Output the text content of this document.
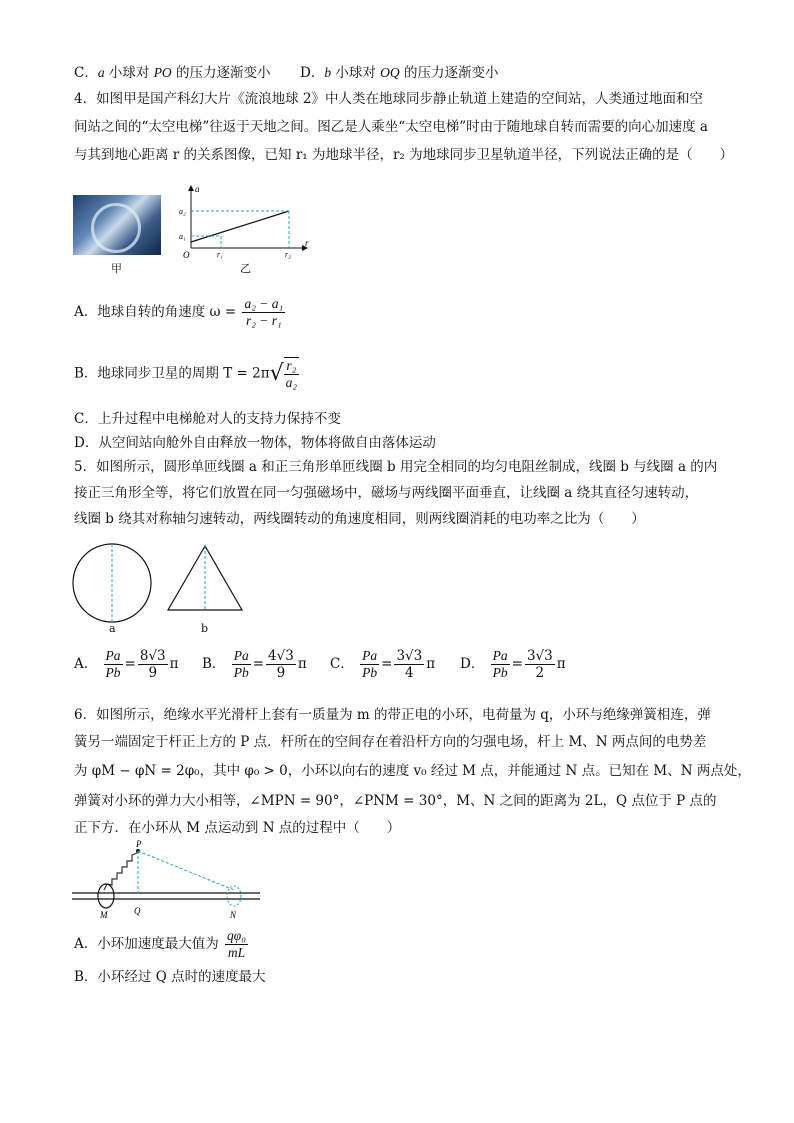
C．a 小球对 PO 的压力逐渐变小 D．b 小球对 OQ 的压力逐渐变小
4．如图甲是国产科幻大片《流浪地球 2》中人类在地球同步静止轨道上建造的空间站，人类通过地面和空
间站之间的“太空电梯”往返于天地之间。图乙是人乘坐“太空电梯”时由于随地球自转而需要的向心加速度 a
与其到地心距离 r 的关系图像，已知 r₁ 为地球半径，r₂ 为地球同步卫星轨道半径，下列说法正确的是（　　）
甲
a
r
O
a₂
a₁
r₁	r₂
乙
A．地球自转的角速度 $\omega = \frac{\text{a₂ − a₁}}{\text{r₂ − r₁}}$
B．地球同步卫星的周期 $T = 2\pi√ \frac{\text{r₂}}{\text{a₂}}$
C．上升过程中电梯舱对人的支持力保持不变
D．从空间站向舱外自由释放一物体，物体将做自由落体运动
5．如图所示，圆形单匝线圈 a 和正三角形单匝线圈 b 用完全相同的均匀电阻丝制成，线圈 b 与线圈 a 的内
接正三角形全等，将它们放置在同一匀强磁场中，磁场与两线圈平面垂直，让线圈 a 绕其直径匀速转动，
线圈 b 绕其对称轴匀速转动，两线圈转动的角速度相同，则两线圈消耗的电功率之比为（　　）
a	b
A． $\frac{Pa}{Pb} = \frac{8√3}{9}$ π B． $\frac{Pa}{Pb} = \frac{4√3}{9}$ π C． $\frac{Pa}{Pb} = \frac{3√3}{4}$ π D． $\frac{Pa}{Pb} = \frac{3√3}{2}$ π
6．如图所示，绝缘水平光滑杆上套有一质量为 m 的带正电的小环，电荷量为 q，小环与绝缘弹簧相连，弹
簧另一端固定于杆正上方的 P 点．杆所在的空间存在着沿杆方向的匀强电场，杆上 M、N 两点间的电势差
为 φM − φN = 2φ₀，其中 φ₀ > 0，小环以向右的速度 v₀ 经过 M 点，并能通过 N 点。已知在 M、N 两点处，
弹簧对小环的弹力大小相等，∠MPN = 90°，∠PNM = 30°，M、N 之间的距离为 2L，Q 点位于 P 点的
正下方．在小环从 M 点运动到 N 点的过程中（　　）
P
M	Q	N
A．小环加速度最大值为 $\frac{\text{qφ₀}}{mL}$
B．小环经过 Q 点时的速度最大
